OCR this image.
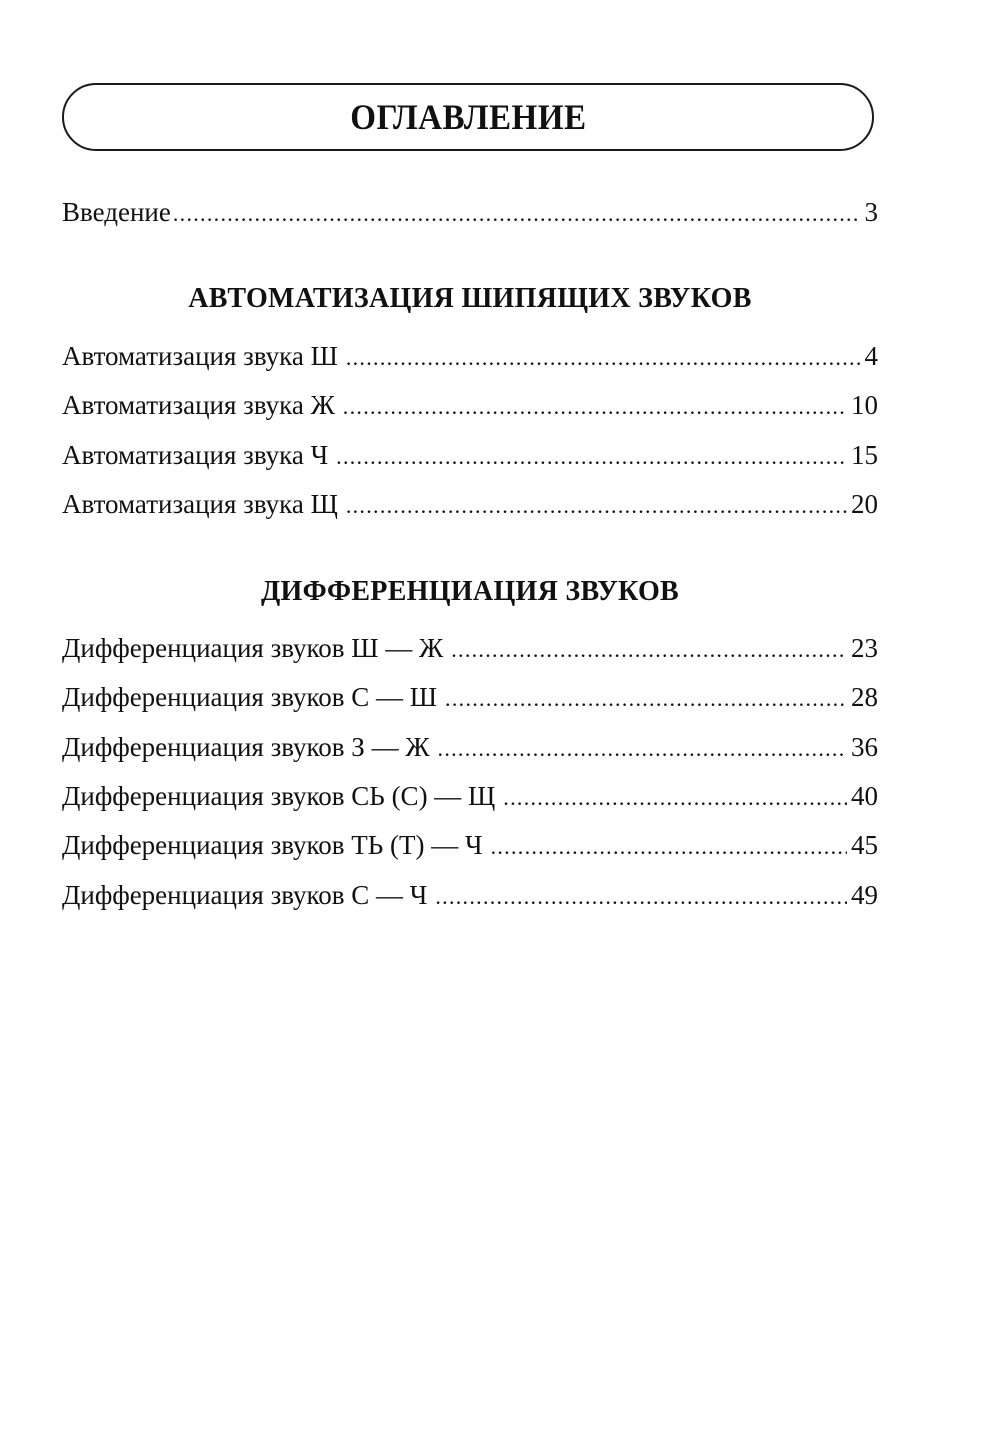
ОГЛАВЛЕНИЕ
Введение .....	3
АВТОМАТИЗАЦИЯ ШИПЯЩИХ ЗВУКОВ
Автоматизация звука Ш .....	4
Автоматизация звука Ж .....	10
Автоматизация звука Ч .....	15
Автоматизация звука Щ .....	20
ДИФФЕРЕНЦИАЦИЯ ЗВУКОВ
Дифференциация звуков Ш — Ж .....	23
Дифференциация звуков С — Ш .....	28
Дифференциация звуков З — Ж .....	36
Дифференциация звуков СЬ (С) — Щ .....	40
Дифференциация звуков ТЬ (Т) — Ч .....	45
Дифференциация звуков С — Ч .....	49
